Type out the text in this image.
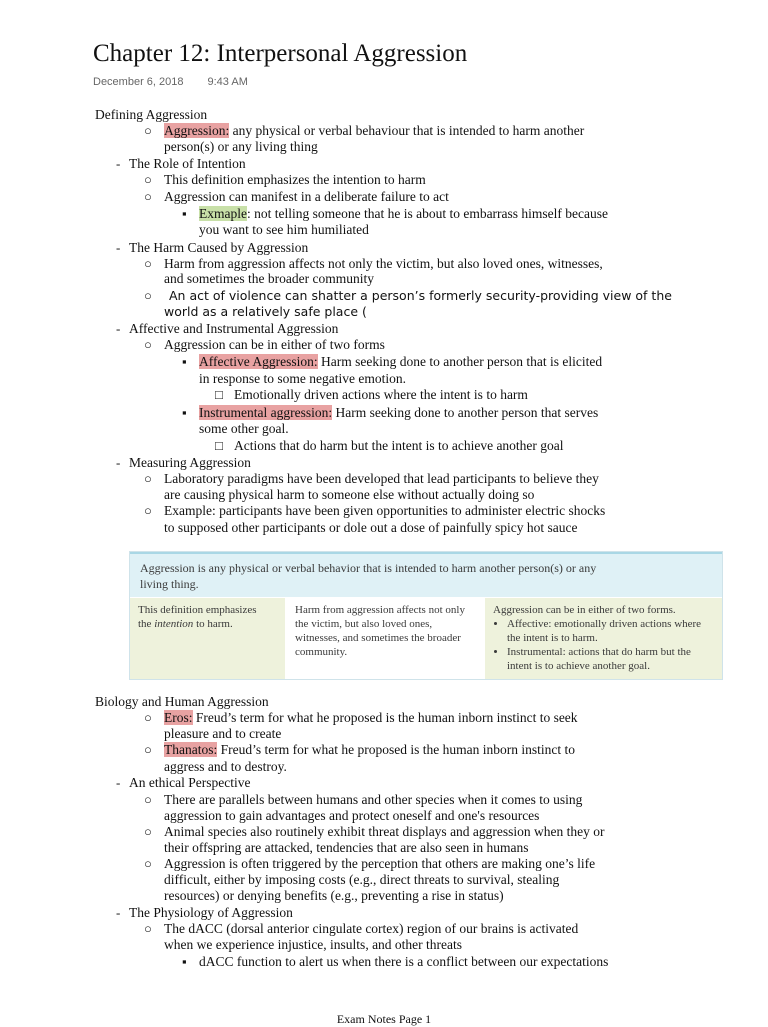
Chapter 12: Interpersonal Aggression
December 6, 2018 9:43 AM
Defining Aggression
○ Aggression: any physical or verbal behaviour that is intended to harm another
person(s) or any living thing
- The Role of Intention
○ This definition emphasizes the intention to harm
○ Aggression can manifest in a deliberate failure to act
▪ Exmaple: not telling someone that he is about to embarrass himself because
you want to see him humiliated
- The Harm Caused by Aggression
○ Harm from aggression affects not only the victim, but also loved ones, witnesses,
and sometimes the broader community
○ An act of violence can shatter a person’s formerly security-providing view of the
world as a relatively safe place (
- Affective and Instrumental Aggression
○ Aggression can be in either of two forms
▪ Affective Aggression: Harm seeking done to another person that is elicited
in response to some negative emotion.
□ Emotionally driven actions where the intent is to harm
▪ Instrumental aggression: Harm seeking done to another person that serves
some other goal.
□ Actions that do harm but the intent is to achieve another goal
- Measuring Aggression
○ Laboratory paradigms have been developed that lead participants to believe they
are causing physical harm to someone else without actually doing so
○ Example: participants have been given opportunities to administer electric shocks
to supposed other participants or dole out a dose of painfully spicy hot sauce
Aggression is any physical or verbal behavior that is intended to harm another person(s) or any
living thing.
This definition emphasizes
the intention to harm.
Harm from aggression affects not only the victim, but also loved ones, witnesses, and sometimes the broader community.
Aggression can be in either of two forms.
• Affective: emotionally driven actions where the intent is to harm.
• Instrumental: actions that do harm but the intent is to achieve another goal.
Biology and Human Aggression
○ Eros: Freud’s term for what he proposed is the human inborn instinct to seek
pleasure and to create
○ Thanatos: Freud’s term for what he proposed is the human inborn instinct to
aggress and to destroy.
- An ethical Perspective
○ There are parallels between humans and other species when it comes to using
aggression to gain advantages and protect oneself and one's resources
○ Animal species also routinely exhibit threat displays and aggression when they or
their offspring are attacked, tendencies that are also seen in humans
○ Aggression is often triggered by the perception that others are making one’s life
difficult, either by imposing costs (e.g., direct threats to survival, stealing
resources) or denying benefits (e.g., preventing a rise in status)
- The Physiology of Aggression
○ The dACC (dorsal anterior cingulate cortex) region of our brains is activated
when we experience injustice, insults, and other threats
▪ dACC function to alert us when there is a conflict between our expectations
Exam Notes Page 1
